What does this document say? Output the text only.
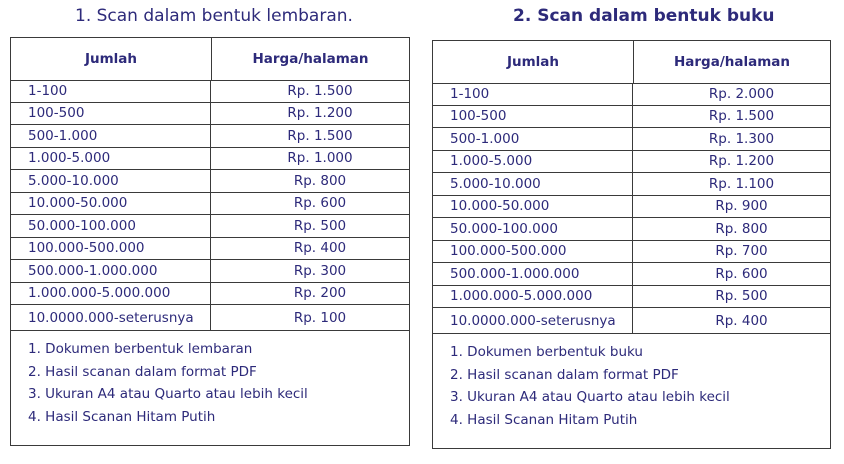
1. Scan dalam bentuk lembaran.
Jumlah	Harga/halaman
1-100	Rp. 1.500
100-500	Rp. 1.200
500-1.000	Rp. 1.500
1.000-5.000	Rp. 1.000
5.000-10.000	Rp. 800
10.000-50.000	Rp. 600
50.000-100.000	Rp. 500
100.000-500.000	Rp. 400
500.000-1.000.000	Rp. 300
1.000.000-5.000.000	Rp. 200
10.0000.000-seterusnya	Rp. 100
1. Dokumen berbentuk lembaran
2. Hasil scanan dalam format PDF
3. Ukuran A4 atau Quarto atau lebih kecil
4. Hasil Scanan Hitam Putih
2. Scan dalam bentuk buku
Jumlah	Harga/halaman
1-100	Rp. 2.000
100-500	Rp. 1.500
500-1.000	Rp. 1.300
1.000-5.000	Rp. 1.200
5.000-10.000	Rp. 1.100
10.000-50.000	Rp. 900
50.000-100.000	Rp. 800
100.000-500.000	Rp. 700
500.000-1.000.000	Rp. 600
1.000.000-5.000.000	Rp. 500
10.0000.000-seterusnya	Rp. 400
1. Dokumen berbentuk buku
2. Hasil scanan dalam format PDF
3. Ukuran A4 atau Quarto atau lebih kecil
4. Hasil Scanan Hitam Putih
